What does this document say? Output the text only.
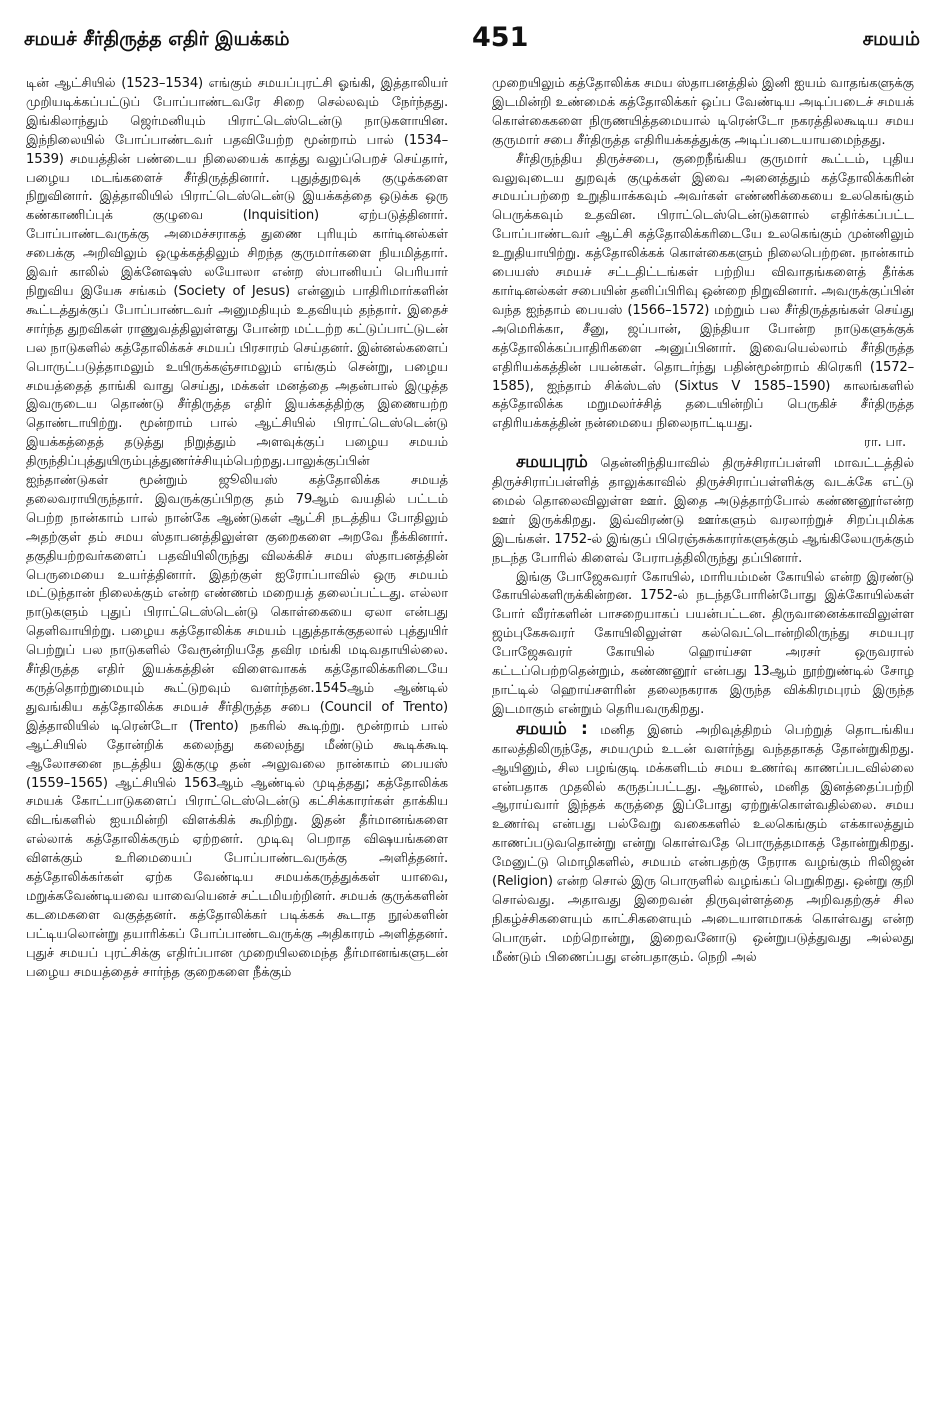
சமயச் சீர்திருத்த எதிர் இயக்கம்	451	சமயம்

டின் ஆட்சியில் (1523–1534) எங்கும் சமயப்புரட்சி ஓங்கி, இத்தாலியர் முறியடிக்கப்பட்டுப் போப்பாண்டவரே சிறை செல்லவும் நேர்ந்தது. இங்கிலாந்தும் ஜெர்மனியும் பிராட்டெஸ்டென்டு நாடுகளாயின. இந்நிலையில் போப்பாண்டவர் பதவியேற்ற மூன்றாம் பால் (1534–1539) சமயத்தின் பண்டைய நிலையைக் காத்து வலுப்பெறச் செய்தார், பழைய மடங்களைச் சீர்திருத்தினார். புதுத்துறவுக் குழுக்களை நிறுவினார். இத்தாலியில் பிராட்டெஸ்டென்டு இயக்கத்தை ஒடுக்க ஒரு கண்காணிப்புக் குழுவை (Inquisition) ஏற்படுத்தினார். போப்பாண்டவருக்கு அமைச்சராகத் துணை புரியும் கார்டினல்கள் சபைக்கு அறிவிலும் ஒழுக்கத்திலும் சிறந்த குருமார்களை நியமித்தார். இவர் காலில் இக்னேஷஸ் லயோலா என்ற ஸ்பானியப் பெரியார் நிறுவிய இயேசு சங்கம் (Society of Jesus) என்னும் பாதிரிமார்களின் கூட்டத்துக்குப் போப்பாண்டவர் அனுமதியும் உதவியும் தந்தார். இதைச் சார்ந்த துறவிகள் ராணுவத்திலுள்ளது போன்ற மட்டற்ற கட்டுப்பாட்டுடன் பல நாடுகளில் கத்தோலிக்கச் சமயப் பிரசாரம் செய்தனர். இன்னல்களைப் பொருட்படுத்தாமலும் உயிருக்கஞ்சாமலும் எங்கும் சென்று, பழைய சமயத்தைத் தாங்கி வாது செய்து, மக்கள் மனத்தை அதன்பால் இழுத்த இவருடைய தொண்டு சீர்திருத்த எதிர் இயக்கத்திற்கு இணையற்ற தொண்டாயிற்று. மூன்றாம் பால் ஆட்சியில் பிராட்டெஸ்டென்டு இயக்கத்தைத் தடுத்து நிறுத்தும் அளவுக்குப் பழைய சமயம் திருந்திப்புத்துயிரும்புத்துணர்ச்சியும்பெற்றது.பாலுக்குப்பின் ஐந்தாண்டுகள் மூன்றும் ஜூலியஸ் கத்தோலிக்க சமயத் தலைவராயிருந்தார். இவருக்குப்பிறகு தம் 79ஆம் வயதில் பட்டம் பெற்ற நான்காம் பால் நான்கே ஆண்டுகள் ஆட்சி நடத்திய போதிலும் அதற்குள் தம் சமய ஸ்தாபனத்திலுள்ள குறைகளை அறவே நீக்கினார். தகுதியற்றவர்களைப் பதவியிலிருந்து விலக்கிச் சமய ஸ்தாபனத்தின் பெருமையை உயர்த்தினார். இதற்குள் ஐரோப்பாவில் ஒரு சமயம் மட்டுந்தான் நிலைக்கும் என்ற எண்ணம் மறையத் தலைப்பட்டது. எல்லா நாடுகளும் புதுப் பிராட்டெஸ்டென்டு கொள்கையை ஏலா என்பது தெளிவாயிற்று. பழைய கத்தோலிக்க சமயம் புதுத்தாக்குதலால் புத்துயிர் பெற்றுப் பல நாடுகளில் வேரூன்றியதே தவிர மங்கி மடிவதாயில்லை. சீர்திருத்த எதிர் இயக்கத்தின் விளைவாகக் கத்தோலிக்கரிடையே கருத்தொற்றுமையும் கூட்டுறவும் வளர்ந்தன.1545ஆம் ஆண்டில் துவங்கிய கத்தோலிக்க சமயச் சீர்திருத்த சபை (Council of Trento) இத்தாலியில் டிரென்டோ (Trento) நகரில் கூடிற்று. மூன்றாம் பால் ஆட்சியில் தோன்றிக் கலைந்து கலைந்து மீண்டும் கூடிக்கூடி ஆலோசனை நடத்திய இக்குழு தன் அலுவலை நான்காம் பையஸ் (1559–1565) ஆட்சியில் 1563ஆம் ஆண்டில் முடித்தது; கத்தோலிக்க சமயக் கோட்பாடுகளைப் பிராட்டெஸ்டென்டு கட்சிக்காரர்கள் தாக்கிய விடங்களில் ஐயமின்றி விளக்கிக் கூறிற்று. இதன் தீர்மானங்களை எல்லாக் கத்தோலிக்கரும் ஏற்றனர். முடிவு பெறாத விஷயங்களை விளக்கும் உரிமையைப் போப்பாண்டவருக்கு அளித்தனர். கத்தோலிக்கர்கள் ஏற்க வேண்டிய சமயக்கருத்துக்கள் யாவை, மறுக்கவேண்டியவை யாவையெனச் சட்டமியற்றினர். சமயக் குருக்களின் கடமைகளை வகுத்தனர். கத்தோலிக்கர் படிக்கக் கூடாத நூல்களின் பட்டியலொன்று தயாரிக்கப் போப்பாண்டவருக்கு அதிகாரம் அளித்தனர். புதுச் சமயப் புரட்சிக்கு எதிர்ப்பான முறையிலமைந்த தீர்மானங்களுடன் பழைய சமயத்தைச் சார்ந்த குறைகளை நீக்கும்

முறையிலும் கத்தோலிக்க சமய ஸ்தாபனத்தில் இனி ஐயம் வாதங்களுக்கு இடமின்றி உண்மைக் கத்தோலிக்கர் ஒப்ப வேண்டிய அடிப்படைச் சமயக் கொள்கைகளை நிருணயித்தமையால் டிரென்டோ நகரத்திலகூடிய சமய குருமார் சபை சீர்திருத்த எதிரியக்கத்துக்கு அடிப்படையாயமைந்தது.

சீர்திருந்திய திருச்சபை, குறைநீங்கிய குருமார் கூட்டம், புதிய வலுவுடைய துறவுக் குழுக்கள் இவை அனைத்தும் கத்தோலிக்கரின் சமயப்பற்றை உறுதியாக்கவும் அவர்கள் எண்ணிக்கையை உலகெங்கும் பெருக்கவும் உதவின. பிராட்டெஸ்டென்டுகளால் எதிர்க்கப்பட்ட போப்பாண்டவர் ஆட்சி கத்தோலிக்கரிடையே உலகெங்கும் முன்னிலும் உறுதியாயிற்று. கத்தோலிக்கக் கொள்கைகளும் நிலைபெற்றன. நான்காம் பையஸ் சமயச் சட்டதிட்டங்கள் பற்றிய விவாதங்களைத் தீர்க்க கார்டினல்கள் சபையின் தனிப்பிரிவு ஒன்றை நிறுவினார். அவருக்குப்பின் வந்த ஐந்தாம் பையஸ் (1566–1572) மற்றும் பல சீர்திருத்தங்கள் செய்து அமெரிக்கா, சீனு, ஜப்பான், இந்தியா போன்ற நாடுகளுக்குக் கத்தோலிக்கப்பாதிரிகளை அனுப்பினார். இவையெல்லாம் சீர்திருத்த எதிரியக்கத்தின் பயன்கள். தொடர்ந்து பதின்மூன்றாம் கிரெகரி (1572–1585), ஐந்தாம் சிக்ஸ்டஸ் (Sixtus V 1585–1590) காலங்களில் கத்தோலிக்க மறுமலர்ச்சித் தடையின்றிப் பெருகிச் சீர்திருத்த எதிரியக்கத்தின் நன்மையை நிலைநாட்டியது.

ரா. பா.

சமயபுரம் தென்னிந்தியாவில் திருச்சிராப்பள்ளி மாவட்டத்தில் திருச்சிராப்பள்ளித் தாலுக்காவில் திருச்சிராப்பள்ளிக்கு வடக்கே எட்டு மைல் தொலைவிலுள்ள ஊர். இதை அடுத்தாற்போல் கண்ணனூர்என்ற ஊர் இருக்கிறது. இவ்விரண்டு ஊர்களும் வரலாற்றுச் சிறப்புமிக்க இடங்கள். 1752-ல் இங்குப் பிரெஞ்சுக்காரர்களுக்கும் ஆங்கிலேயருக்கும் நடந்த போரில் கிளைவ் பேராபத்திலிருந்து தப்பினார்.

இங்கு போஜேசுவரர் கோயில், மாரியம்மன் கோயில் என்ற இரண்டு கோயில்களிருக்கின்றன. 1752-ல் நடந்தபோரின்போது இக்கோயில்கள் போர் வீரர்களின் பாசறையாகப் பயன்பட்டன. திருவானைக்காவிலுள்ள ஜம்புகேசுவரர் கோயிலிலுள்ள கல்வெட்டொன்றிலிருந்து சமயபுர போஜேசுவரர் கோயில் ஹொய்சள அரசர் ஒருவரால் கட்டப்பெற்றதென்றும், கண்ணனூர் என்பது 13ஆம் நூற்றுண்டில் சோழ நாட்டில் ஹொய்சளரின் தலைநகராக இருந்த விக்கிரமபுரம் இருந்த இடமாகும் என்றும் தெரியவருகிறது.

சமயம் : மனித இனம் அறிவுத்திறம் பெற்றுத் தொடங்கிய காலத்திலிருந்தே, சமயமும் உடன் வளர்ந்து வந்ததாகத் தோன்றுகிறது. ஆயினும், சில பழங்குடி மக்களிடம் சமய உணர்வு காணப்படவில்லை என்பதாக முதலில் கருதப்பட்டது. ஆனால், மனித இனத்தைப்பற்றி ஆராய்வார் இந்தக் கருத்தை இப்போது ஏற்றுக்கொள்வதில்லை. சமய உணர்வு என்பது பல்வேறு வகைகளில் உலகெங்கும் எக்காலத்தும் காணப்படுவதொன்று என்று கொள்வதே பொருத்தமாகத் தோன்றுகிறது. மேனுட்டு மொழிகளில், சமயம் என்பதற்கு நேராக வழங்கும் ரிலிஜன் (Religion) என்ற சொல் இரு பொருளில் வழங்கப் பெறுகிறது. ஒன்று குறி சொல்வது. அதாவது இறைவன் திருவுள்ளத்தை அறிவதற்குச் சில நிகழ்ச்சிகளையும் காட்சிகளையும் அடையாளமாகக் கொள்வது என்ற பொருள். மற்றொன்று, இறைவனோடு ஒன்றுபடுத்துவது அல்லது மீண்டும் பிணைப்பது என்பதாகும். நெறி அல்
